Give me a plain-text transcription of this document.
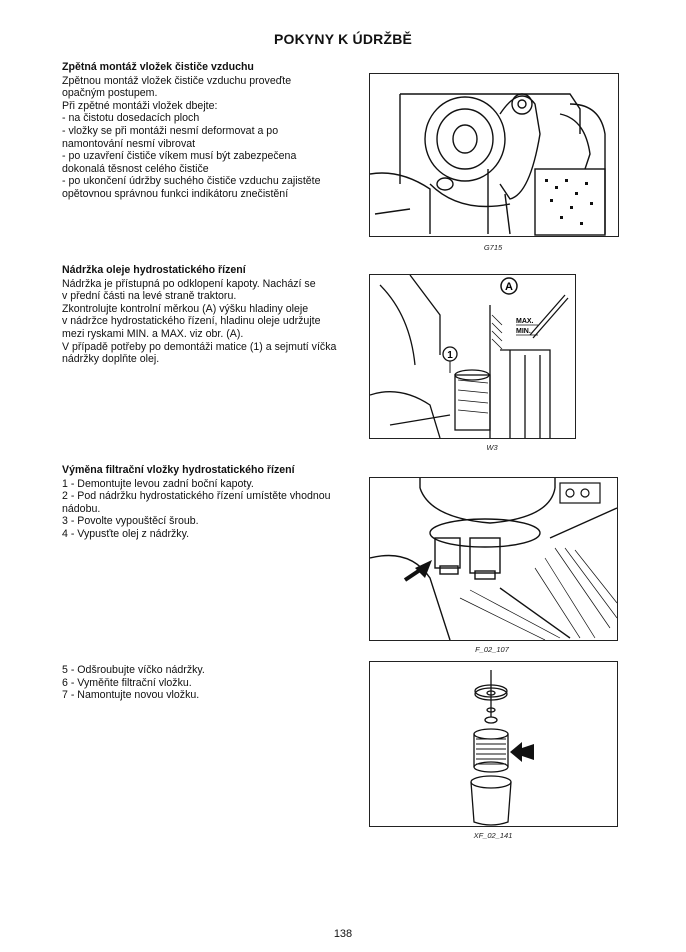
POKYNY K ÚDRŽBĚ
Zpětná montáž vložek čističe vzduchu

Zpětnou montáž vložek čističe vzduchu proveďte
opačným postupem.
Při zpětné montáži vložek dbejte:
- na čistotu dosedacích ploch
- vložky se při montáži nesmí deformovat a po
namontování nesmí vibrovat
- po uzavření čističe víkem musí být zabezpečena
dokonalá těsnost celého čističe
- po ukončení údržby suchého čističe vzduchu zajistěte
opětovnou správnou funkci indikátoru znečistění

G715
Nádržka oleje hydrostatického řízení

Nádržka je přístupná po odklopení kapoty. Nachází se
v přední části na levé straně traktoru.
Zkontrolujte kontrolní měrkou (A) výšku hladiny oleje
v nádržce hydrostatického řízení, hladinu oleje udržujte
mezi ryskami MIN. a MAX. viz obr. (A).
V případě potřeby po demontáži matice (1) a sejmutí víčka
nádržky doplňte olej.

A
MAX.
MIN.
1
W3
Výměna filtrační vložky hydrostatického řízení

1 - Demontujte levou zadní boční kapoty.
2 - Pod nádržku hydrostatického řízení umístěte vhodnou
nádobu.
3 - Povolte vypouštěcí šroub.
4 - Vypusťte olej z nádržky.

F_02_107

5 - Odšroubujte víčko nádržky.
6 - Vyměňte filtrační vložku.
7 - Namontujte novou vložku.

XF_02_141
138
